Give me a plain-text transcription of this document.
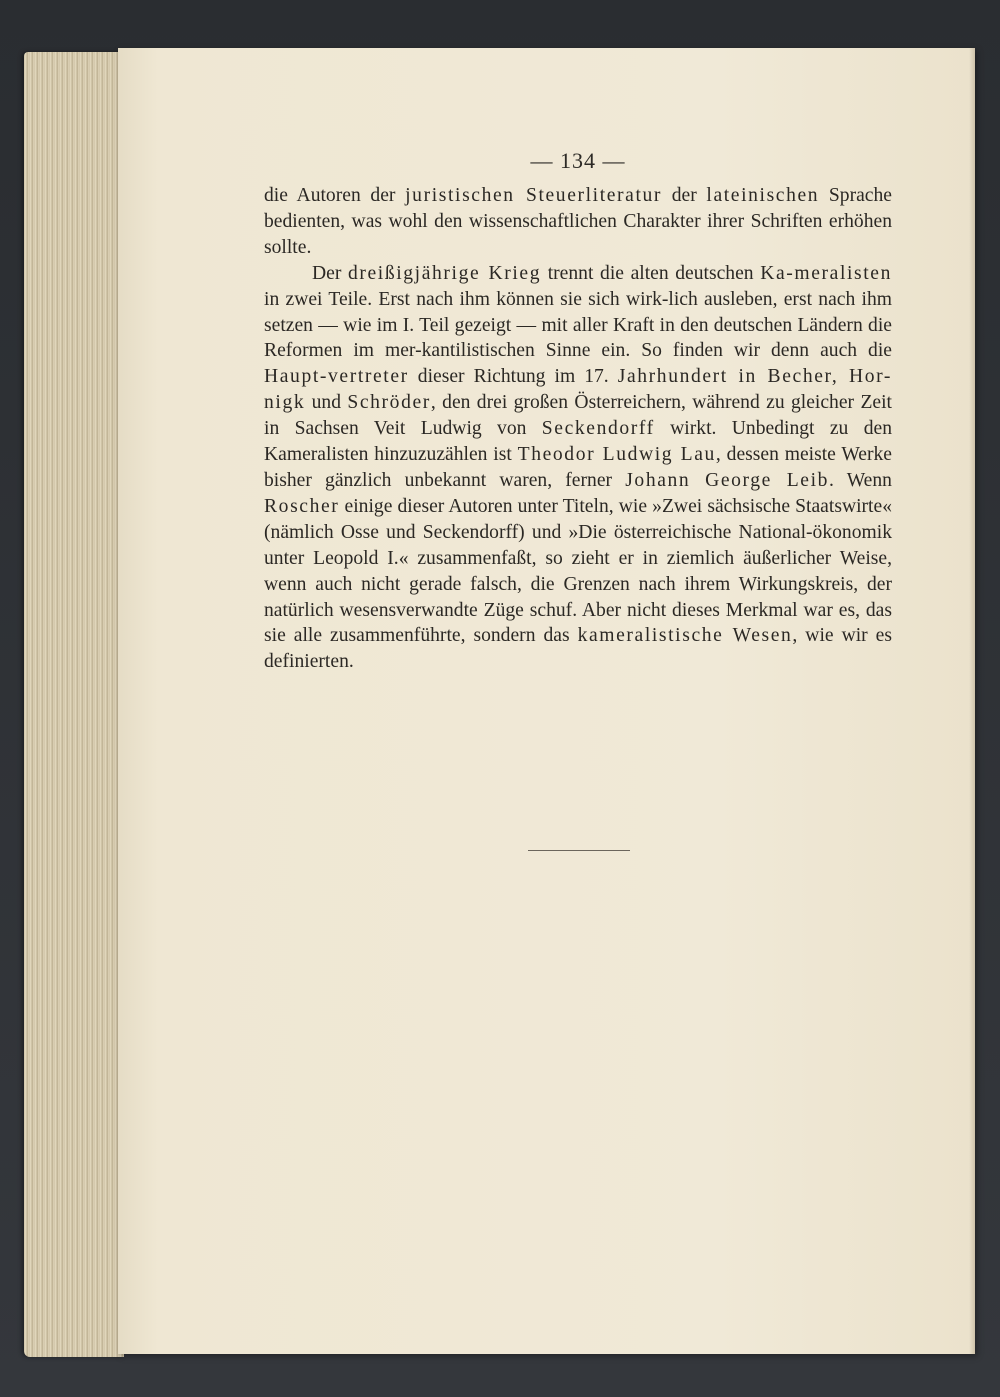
— 134 —

die Autoren der juristischen Steuerliteratur der lateinischen Sprache bedienten, was wohl den wissenschaftlichen Charakter ihrer Schriften erhöhen sollte.

Der dreißigjährige Krieg trennt die alten deutschen Ka-meralisten in zwei Teile. Erst nach ihm können sie sich wirk-lich ausleben, erst nach ihm setzen — wie im I. Teil gezeigt — mit aller Kraft in den deutschen Ländern die Reformen im mer-kantilistischen Sinne ein. So finden wir denn auch die Haupt-vertreter dieser Richtung im 17. Jahrhundert in Becher, Hor-nigk und Schröder, den drei großen Österreichern, während zu gleicher Zeit in Sachsen Veit Ludwig von Seckendorff wirkt. Unbedingt zu den Kameralisten hinzuzuzählen ist Theodor Ludwig Lau, dessen meiste Werke bisher gänzlich unbekannt waren, ferner Johann George Leib. Wenn Roscher einige dieser Autoren unter Titeln, wie »Zwei sächsische Staatswirte« (nämlich Osse und Seckendorff) und »Die österreichische National-ökonomik unter Leopold I.« zusammenfaßt, so zieht er in ziemlich äußerlicher Weise, wenn auch nicht gerade falsch, die Grenzen nach ihrem Wirkungskreis, der natürlich wesensverwandte Züge schuf. Aber nicht dieses Merkmal war es, das sie alle zusammenführte, sondern das kameralistische Wesen, wie wir es definierten.
